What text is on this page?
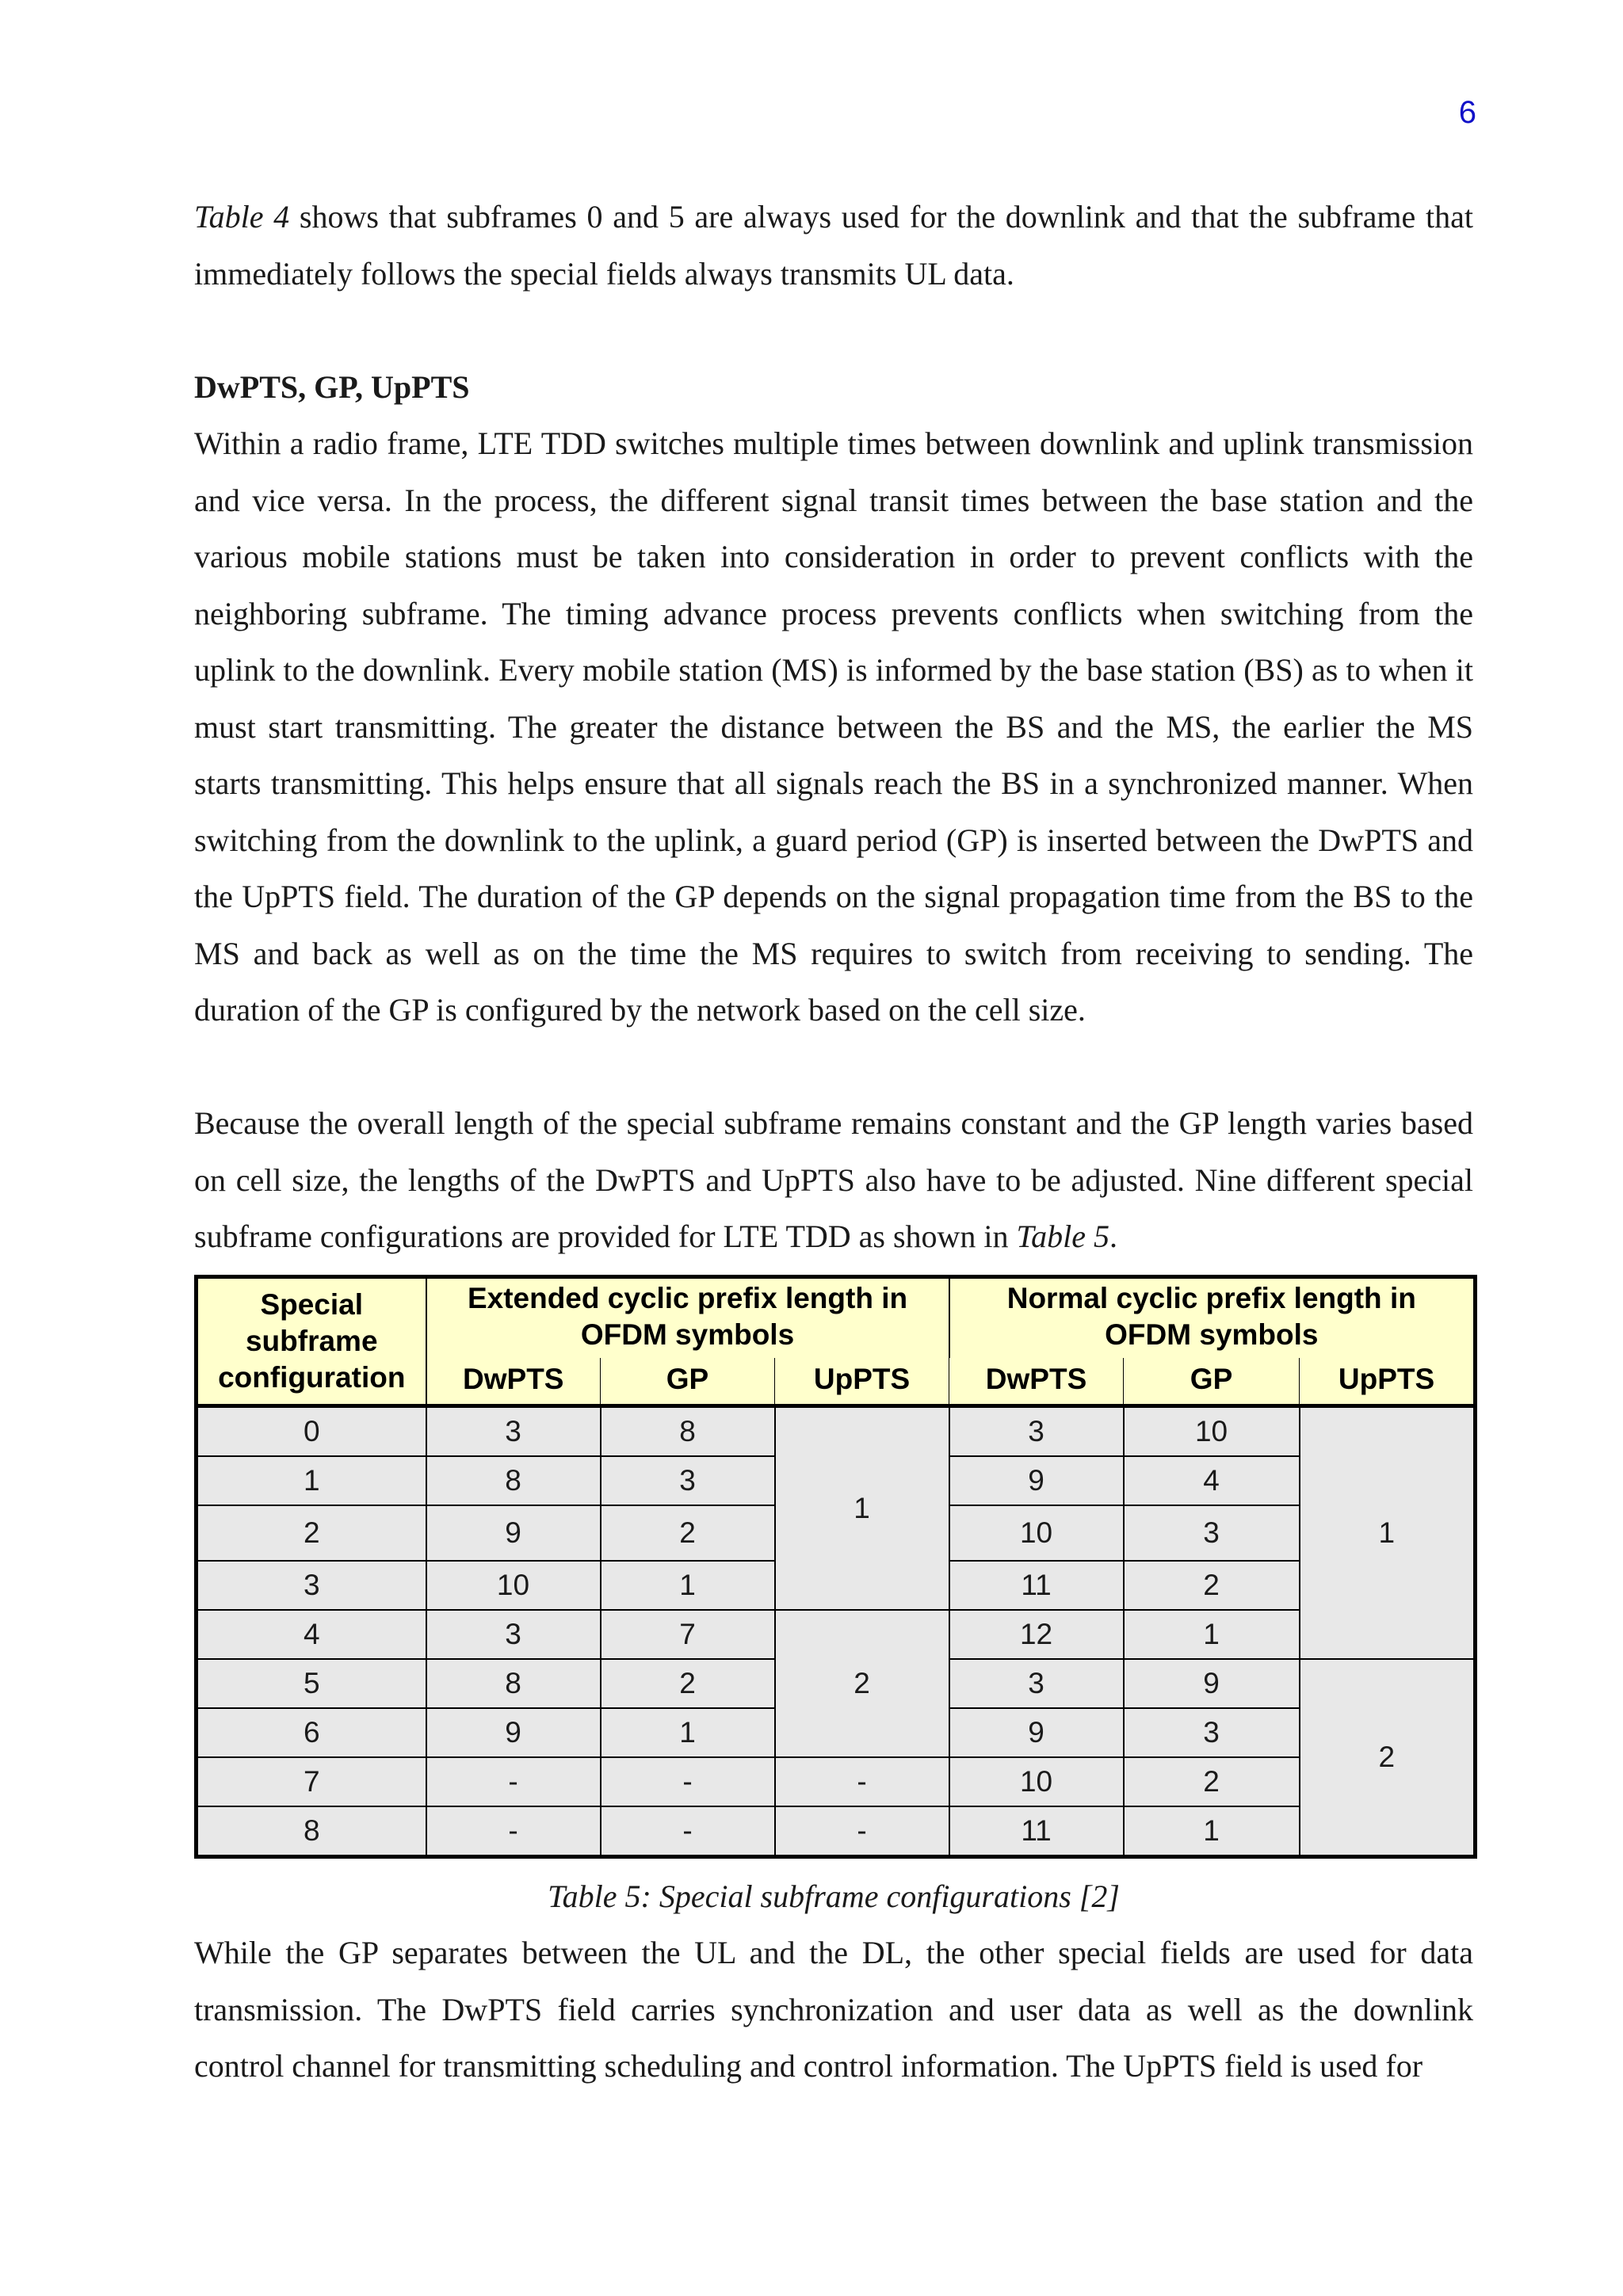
6

Table 4 shows that subframes 0 and 5 are always used for the downlink and that the subframe that immediately follows the special fields always transmits UL data.

DwPTS, GP, UpPTS

Within a radio frame, LTE TDD switches multiple times between downlink and uplink transmission and vice versa. In the process, the different signal transit times between the base station and the various mobile stations must be taken into consideration in order to prevent conflicts with the neighboring subframe. The timing advance process prevents conflicts when switching from the uplink to the downlink. Every mobile station (MS) is informed by the base station (BS) as to when it must start transmitting. The greater the distance between the BS and the MS, the earlier the MS starts transmitting. This helps ensure that all signals reach the BS in a synchronized manner. When switching from the downlink to the uplink, a guard period (GP) is inserted between the DwPTS and the UpPTS field. The duration of the GP depends on the signal propagation time from the BS to the MS and back as well as on the time the MS requires to switch from receiving to sending. The duration of the GP is configured by the network based on the cell size.

Because the overall length of the special subframe remains constant and the GP length varies based on cell size, the lengths of the DwPTS and UpPTS also have to be adjusted. Nine different special subframe configurations are provided for LTE TDD as shown in Table 5.

Special subframe configuration	Extended cyclic prefix length in OFDM symbols			Normal cyclic prefix length in OFDM symbols		
	DwPTS	GP	UpPTS	DwPTS	GP	UpPTS
0	3	8	1	3	10	1
1	8	3		9	4	
2	9	2		10	3	
3	10	1		11	2	
4	3	7	2	12	1	
5	8	2		3	9	2
6	9	1		9	3	
7	-	-	-	10	2	
8	-	-	-	11	1	

Table 5: Special subframe configurations [2]

While the GP separates between the UL and the DL, the other special fields are used for data transmission. The DwPTS field carries synchronization and user data as well as the downlink control channel for transmitting scheduling and control information. The UpPTS field is used for
